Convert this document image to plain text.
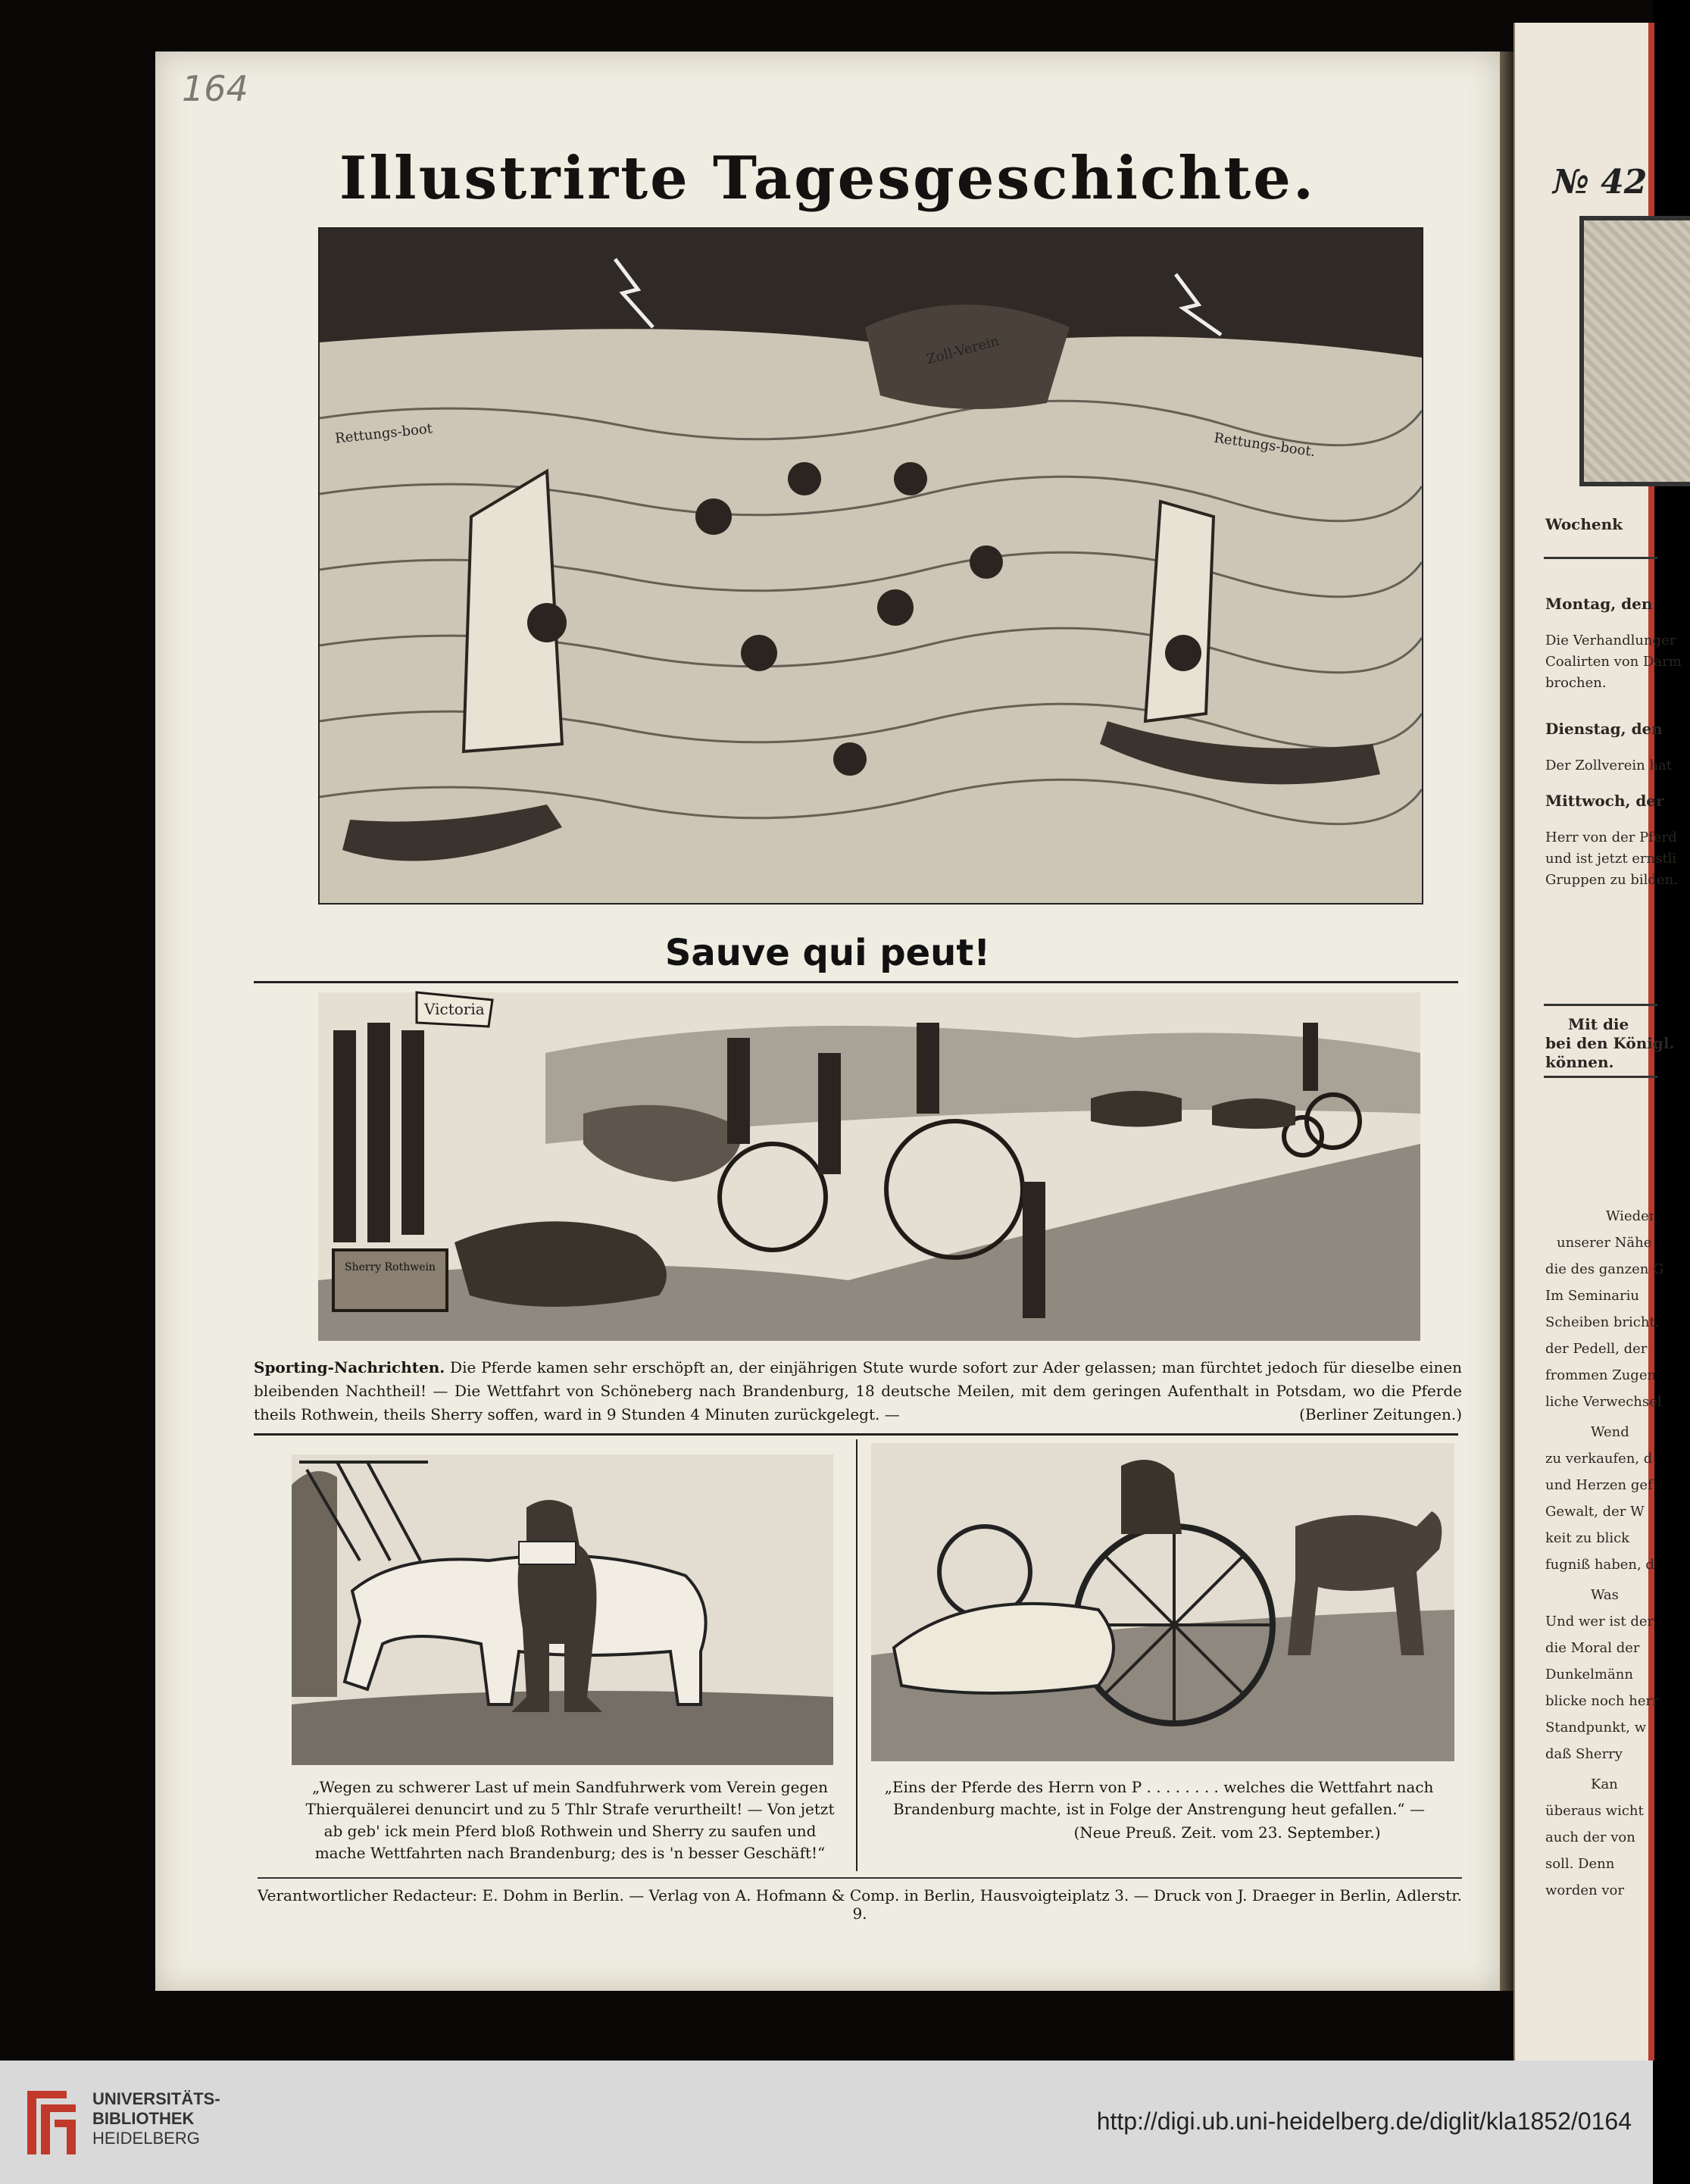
164
Illustrirte Tagesgeschichte.
Rettungs-boot
Zoll-Verein
Rettungs-boot.
Sauve qui peut!
Victoria
Sherry Rothwein
Sporting-Nachrichten. Die Pferde kamen sehr erschöpft an, der einjährigen Stute wurde sofort zur Ader gelassen; man fürchtet jedoch für dieselbe einen bleibenden Nachtheil! — Die Wettfahrt von Schöneberg nach Brandenburg, 18 deutsche Meilen, mit dem geringen Aufenthalt in Potsdam, wo die Pferde theils Rothwein, theils Sherry soffen, ward in 9 Stunden 4 Minuten zurückgelegt. —	(Berliner Zeitungen.)
„Wegen zu schwerer Last uf mein Sandfuhrwerk vom Verein gegen Thierquälerei denuncirt und zu 5 Thlr Strafe verurtheilt! — Von jetzt ab geb' ick mein Pferd bloß Rothwein und Sherry zu saufen und mache Wettfahrten nach Brandenburg; des is 'n besser Geschäft!“
„Eins der Pferde des Herrn von P . . . . . . . . welches die Wettfahrt nach Brandenburg machte, ist in Folge der Anstrengung heut gefallen.“ —
(Neue Preuß. Zeit. vom 23. September.)
Verantwortlicher Redacteur: E. Dohm in Berlin. — Verlag von A. Hofmann & Comp. in Berlin, Hausvoigteiplatz 3. — Druck von J. Draeger in Berlin, Adlerstr. 9.
№ 42
Wochenk
Montag, den
Die Verhandlunger
Coalirten von Darm
brochen.
Dienstag, den
Der Zollverein hat
Mittwoch, der
Herr von der Pferd
und ist jetzt ernstli
Gruppen zu bilden.
Mit die
bei den Königl.
können.
Wieder
unserer Nähe
die des ganzen G
Im Seminariu
Scheiben bricht.
der Pedell, der
frommen Zugen
liche Verwechsel
Wend
zu verkaufen, d
und Herzen gef
Gewalt, der W
keit zu blick
fugniß haben, d
Was
Und wer ist der
die Moral der
Dunkelmänn
blicke noch herr
Standpunkt, w
daß Sherry
Kan
überaus wicht
auch der von
soll. Denn
worden vor
UNIVERSITÄTS-
BIBLIOTHEK
HEIDELBERG
http://digi.ub.uni-heidelberg.de/diglit/kla1852/0164
